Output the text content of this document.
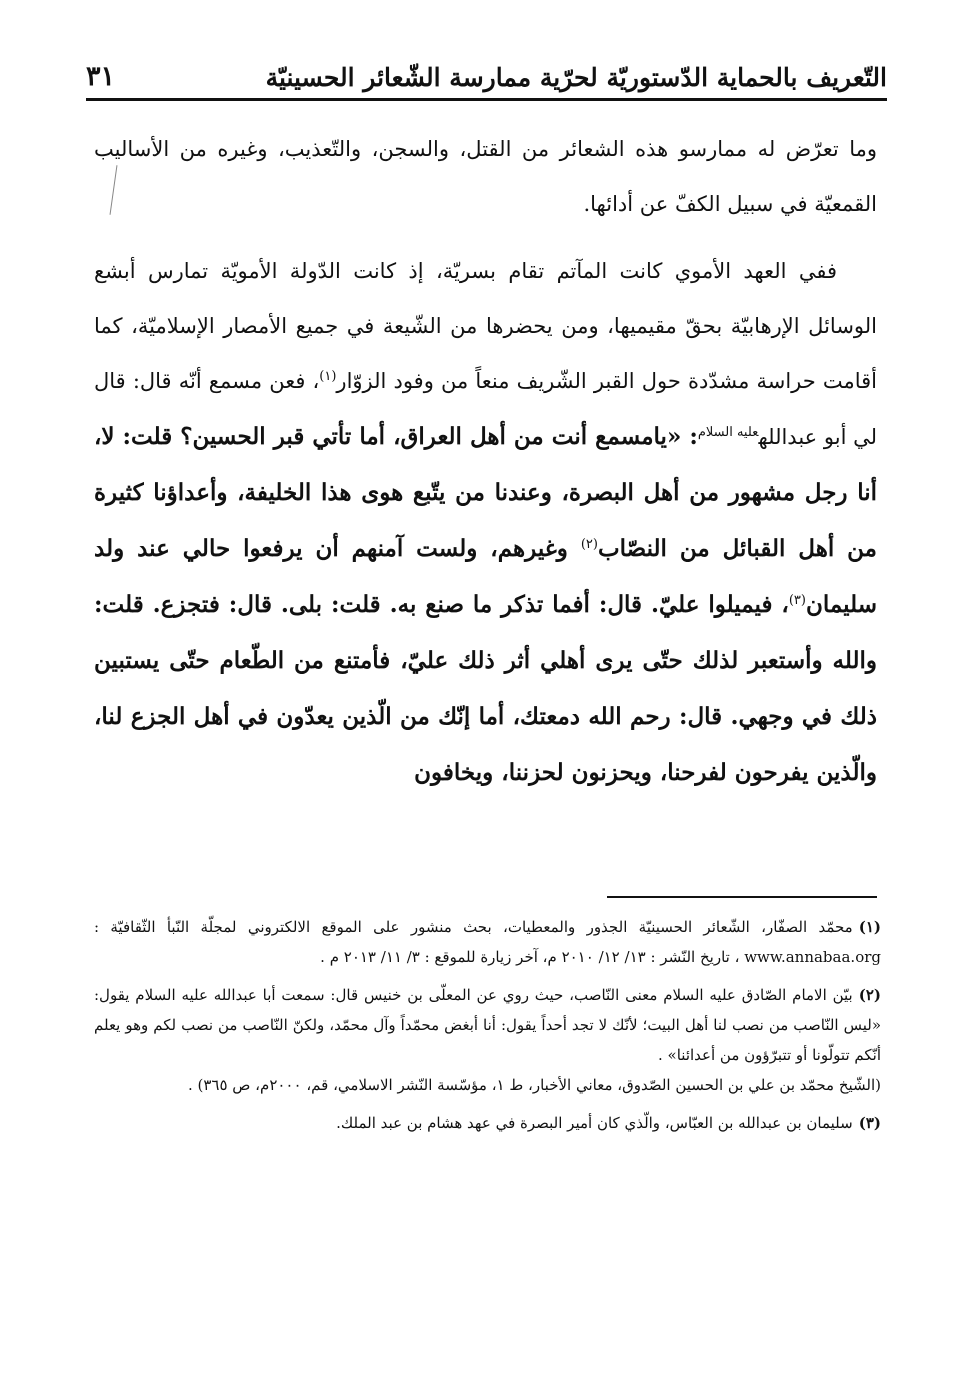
التّعريف بالحماية الدّستوريّة لحرّية ممارسة الشّعائر الحسينيّة
٣١

وما تعرّض له ممارسو هذه الشعائر من القتل، والسجن، والتّعذيب، وغيره من الأساليب القمعيّة في سبيل الكفّ عن أدائها.

ففي العهد الأموي كانت المآتم تقام بسريّة، إذ كانت الدّولة الأمويّة تمارس أبشع الوسائل الإرهابيّة بحقّ مقيميها، ومن يحضرها من الشّيعة في جميع الأمصار الإسلاميّة، كما أقامت حراسة مشدّدة حول القبر الشّريف منعاً من وفود الزوّار$^{(١)}$، فعن مسمع أنّه قال: قال لي أبو عبدالله$^{عليه السلام}$: «يامسمع أنت من أهل العراق، أما تأتي قبر الحسين؟ قلت: لا، أنا رجل مشهور من أهل البصرة، وعندنا من يتّبع هوى هذا الخليفة، وأعداؤنا كثيرة من أهل القبائل من النصّاب$^{(٢)}$ وغيرهم، ولست آمنهم أن يرفعوا حالي عند ولد سليمان$^{(٣)}$، فيميلوا عليّ. قال: أفما تذكر ما صنع به. قلت: بلى. قال: فتجزع. قلت: والله وأستعبر لذلك حتّى يرى أهلي أثر ذلك عليّ، فأمتنع من الطّعام حتّى يستبين ذلك في وجهي. قال: رحم الله دمعتك، أما إنّك من الّذين يعدّون في أهل الجزع لنا، والّذين يفرحون لفرحنا، ويحزنون لحزننا، ويخافون

(١)محمّد الصفّار، الشّعائر الحسينيّة الجذور والمعطيات، بحث منشور على الموقع الالكتروني لمجلّة النّبأ الثّقافيّة : www.annabaa.org ، تاريخ النّشر : ١٣/ ١٢/ ٢٠١٠ م، آخر زيارة للموقع : ٣/ ١١/ ٢٠١٣ م .

(٢)بيّن الامام الصّادق عليه السلام معنى النّاصب، حيث روي عن المعلّى بن خنيس قال: سمعت أبا عبدالله عليه السلام يقول: «ليس النّاصب من نصب لنا أهل البيت؛ لأنّك لا تجد أحداً يقول: أنا أبغض محمّداً وآل محمّد، ولكنّ النّاصب من نصب لكم وهو يعلم أنّكم تتولّونا أو تتبرّؤون من أعدائنا» .
(الشّيخ محمّد بن علي بن الحسين الصّدوق، معاني الأخبار، ط ١، مؤسّسة النّشر الاسلامي، قم، ٢٠٠٠م، ص ٣٦٥) .

(٣)سليمان بن عبدالله بن العبّاس، والّذي كان أمير البصرة في عهد هشام بن عبد الملك.
